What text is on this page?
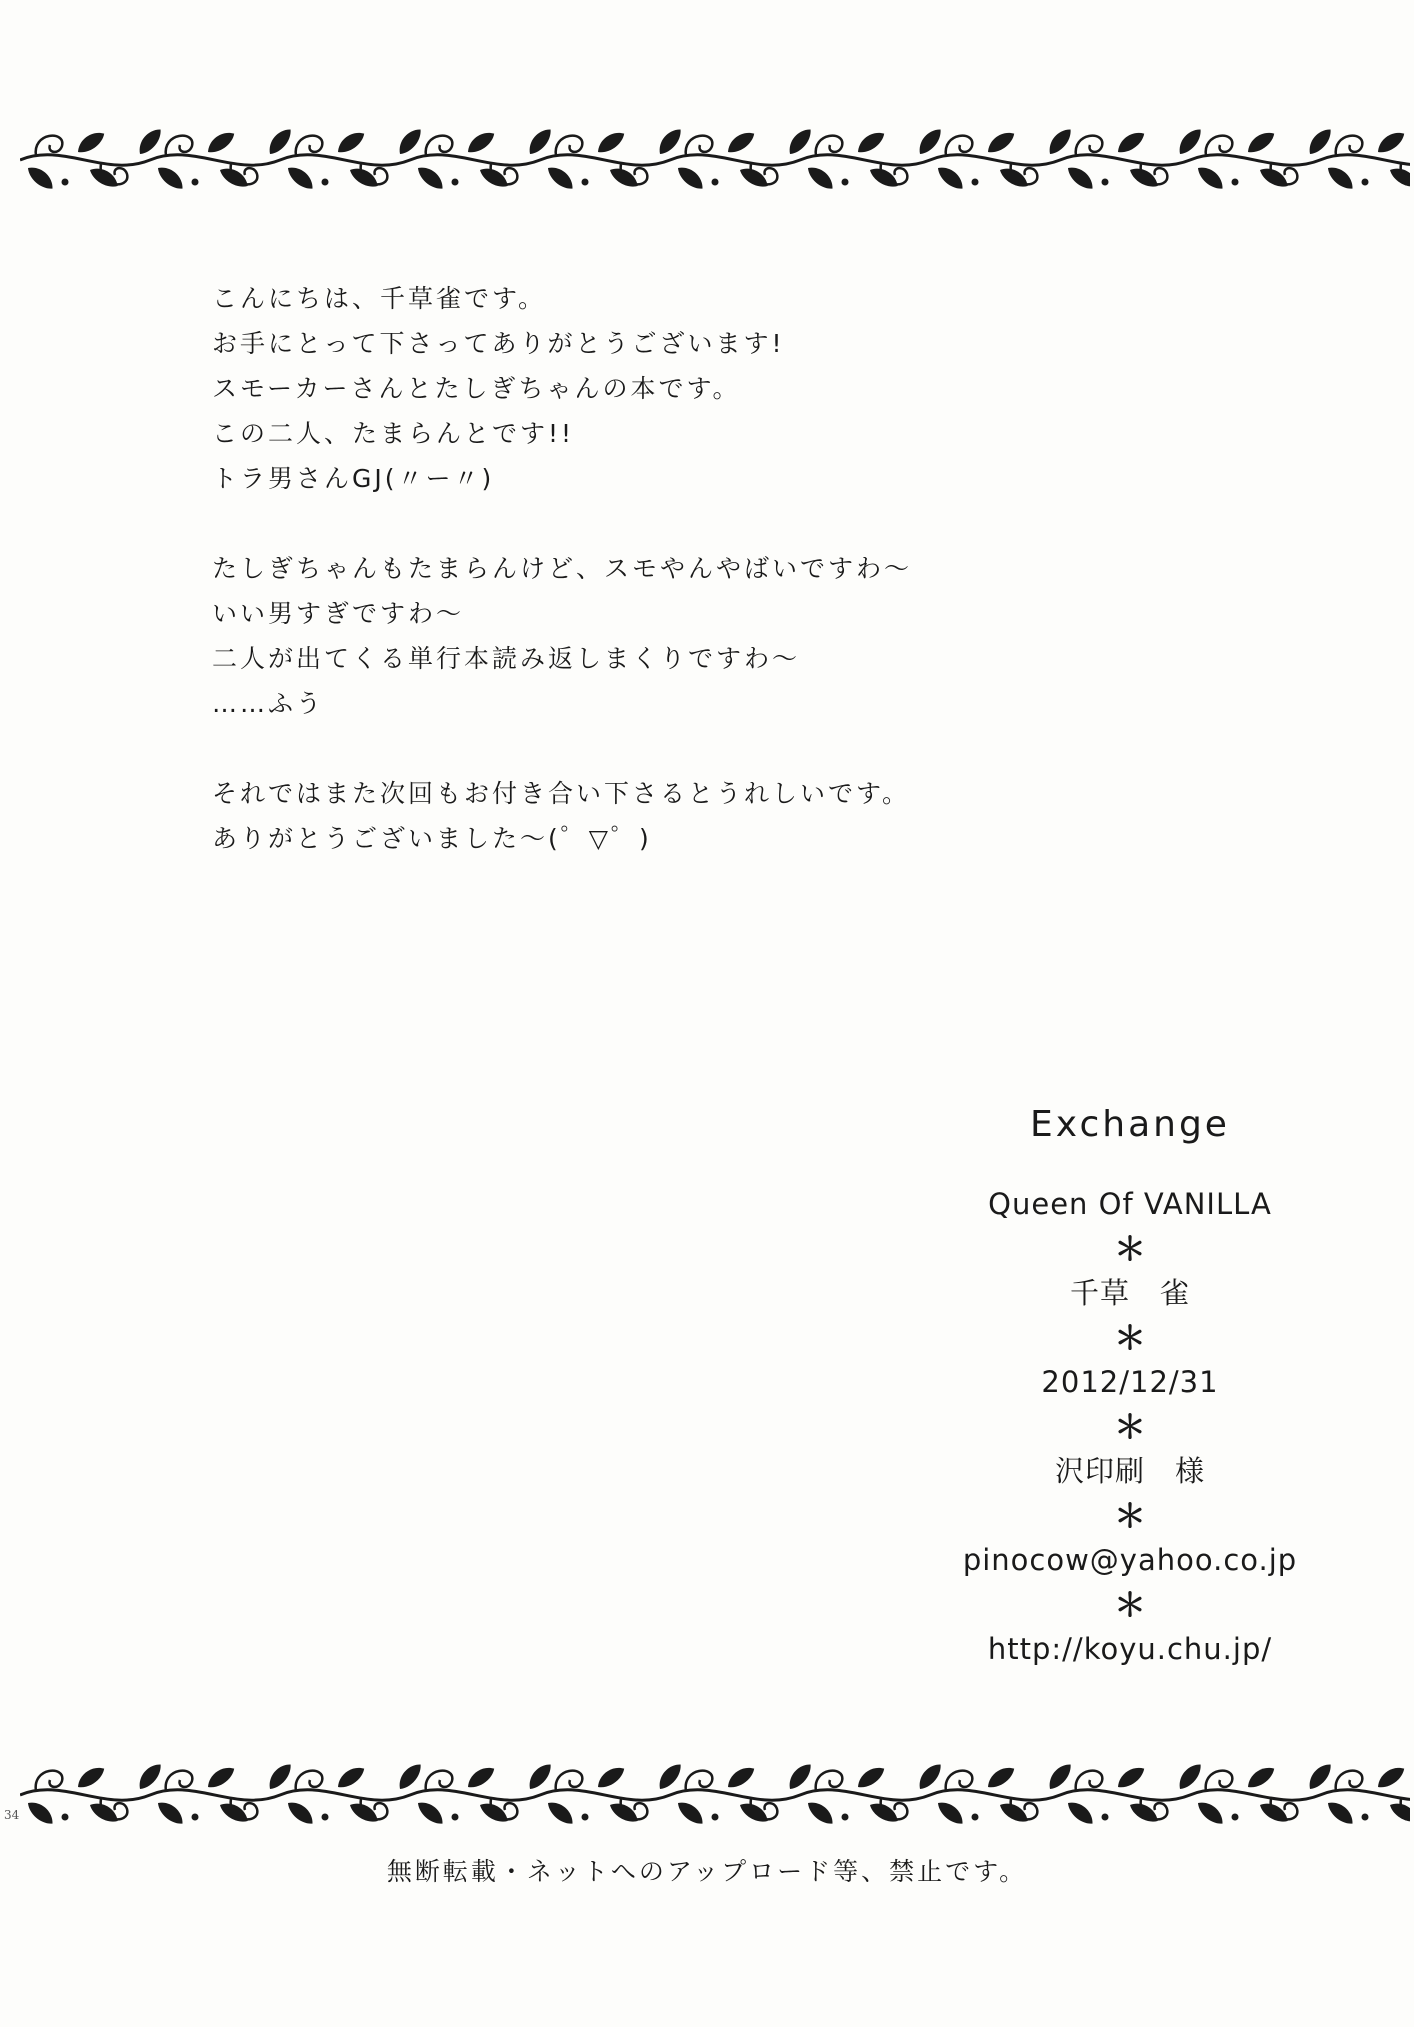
こんにちは、千草雀です。
お手にとって下さってありがとうございます!
スモーカーさんとたしぎちゃんの本です。
この二人、たまらんとです!!
トラ男さんGJ(〃ー〃)
たしぎちゃんもたまらんけど、スモやんやばいですわ〜
いい男すぎですわ〜
二人が出てくる単行本読み返しまくりですわ〜
……ふう
それではまた次回もお付き合い下さるとうれしいです。
ありがとうございました〜(゜▽゜)
Exchange
Queen Of VANILLA
＊
千草　雀
＊
2012/12/31
＊
沢印刷　様
＊
pinocow@yahoo.co.jp
＊
http://koyu.chu.jp/
34
無断転載・ネットへのアップロード等、禁止です。
